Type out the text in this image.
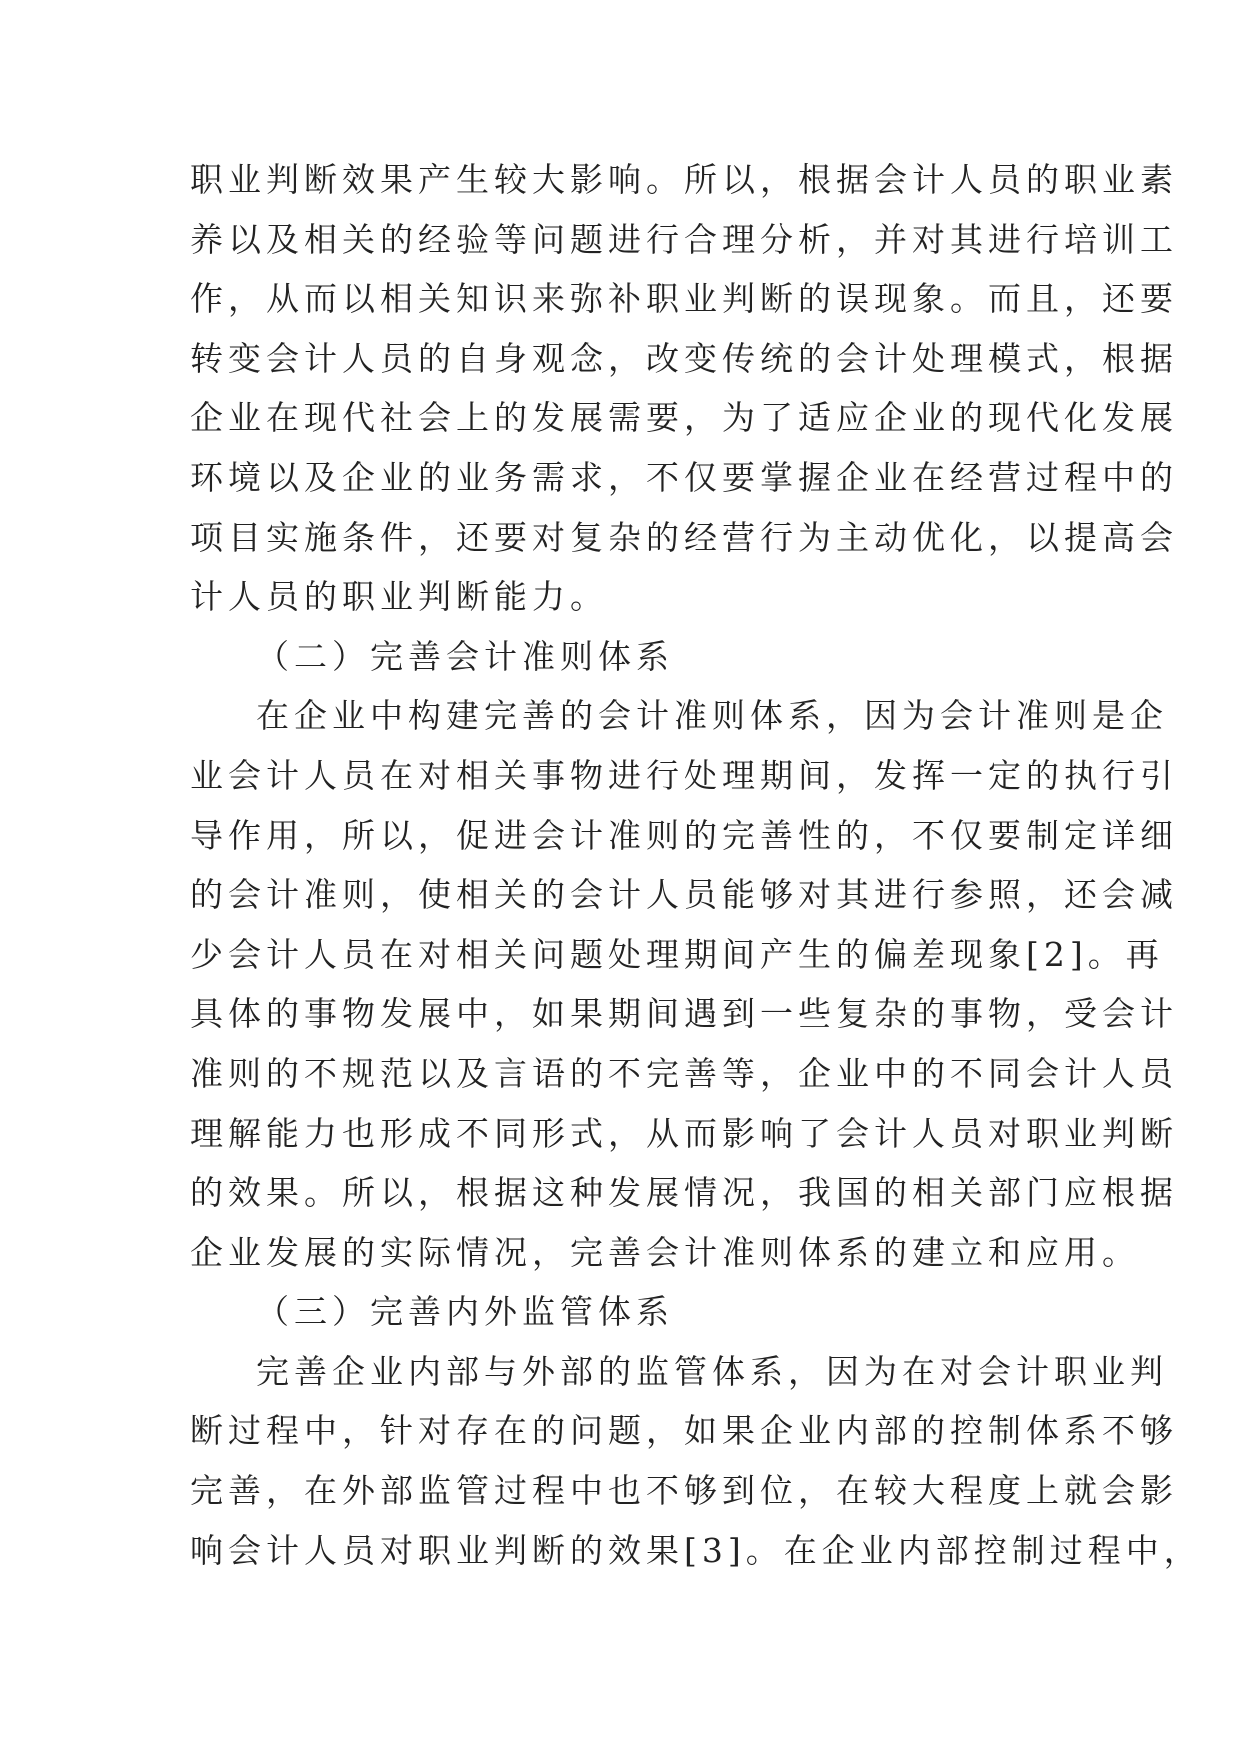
职业判断效果产生较大影响。所以，根据会计人员的职业素
养以及相关的经验等问题进行合理分析，并对其进行培训工
作，从而以相关知识来弥补职业判断的误现象。而且，还要
转变会计人员的自身观念，改变传统的会计处理模式，根据
企业在现代社会上的发展需要，为了适应企业的现代化发展
环境以及企业的业务需求，不仅要掌握企业在经营过程中的
项目实施条件，还要对复杂的经营行为主动优化，以提高会
计人员的职业判断能力。
（二）完善会计准则体系
在企业中构建完善的会计准则体系，因为会计准则是企
业会计人员在对相关事物进行处理期间，发挥一定的执行引
导作用，所以，促进会计准则的完善性的，不仅要制定详细
的会计准则，使相关的会计人员能够对其进行参照，还会减
少会计人员在对相关问题处理期间产生的偏差现象[2]。再
具体的事物发展中，如果期间遇到一些复杂的事物，受会计
准则的不规范以及言语的不完善等，企业中的不同会计人员
理解能力也形成不同形式，从而影响了会计人员对职业判断
的效果。所以，根据这种发展情况，我国的相关部门应根据
企业发展的实际情况，完善会计准则体系的建立和应用。
（三）完善内外监管体系
完善企业内部与外部的监管体系，因为在对会计职业判
断过程中，针对存在的问题，如果企业内部的控制体系不够
完善，在外部监管过程中也不够到位，在较大程度上就会影
响会计人员对职业判断的效果[3]。在企业内部控制过程中，
